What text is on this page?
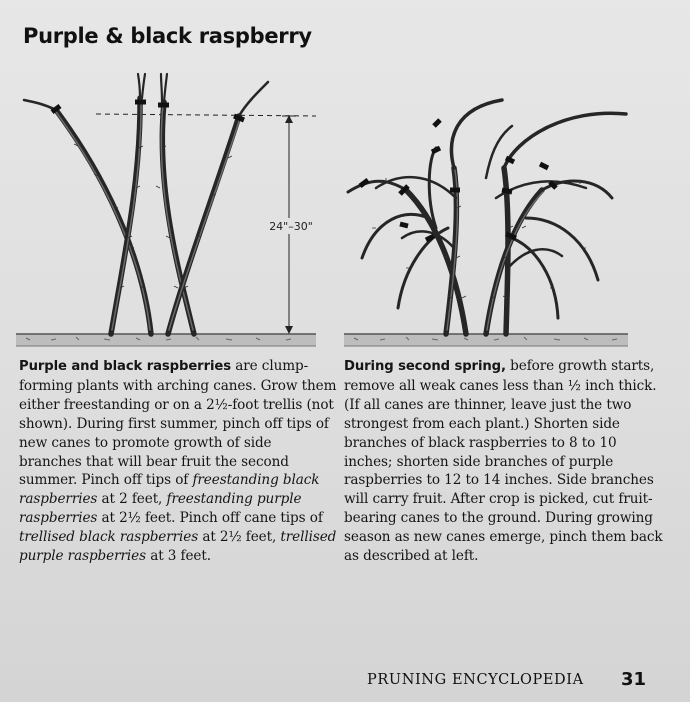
Purple & black raspberry
24"–30"
Purple and black raspberries are clump-forming plants with arching canes. Grow them either freestanding or on a 2½-foot trellis (not shown). During first summer, pinch off tips of new canes to promote growth of side branches that will bear fruit the second summer. Pinch off tips of freestanding black raspberries at 2 feet, freestanding purple raspberries at 2½ feet. Pinch off cane tips of trellised black raspberries at 2½ feet, trellised purple raspberries at 3 feet.
During second spring, before growth starts, remove all weak canes less than ½ inch thick. (If all canes are thinner, leave just the two strongest from each plant.) Shorten side branches of black raspberries to 8 to 10 inches; shorten side branches of purple raspberries to 12 to 14 inches. Side branches will carry fruit. After crop is picked, cut fruit-bearing canes to the ground. During growing season as new canes emerge, pinch them back as described at left.
PRUNING ENCYCLOPEDIA 31
